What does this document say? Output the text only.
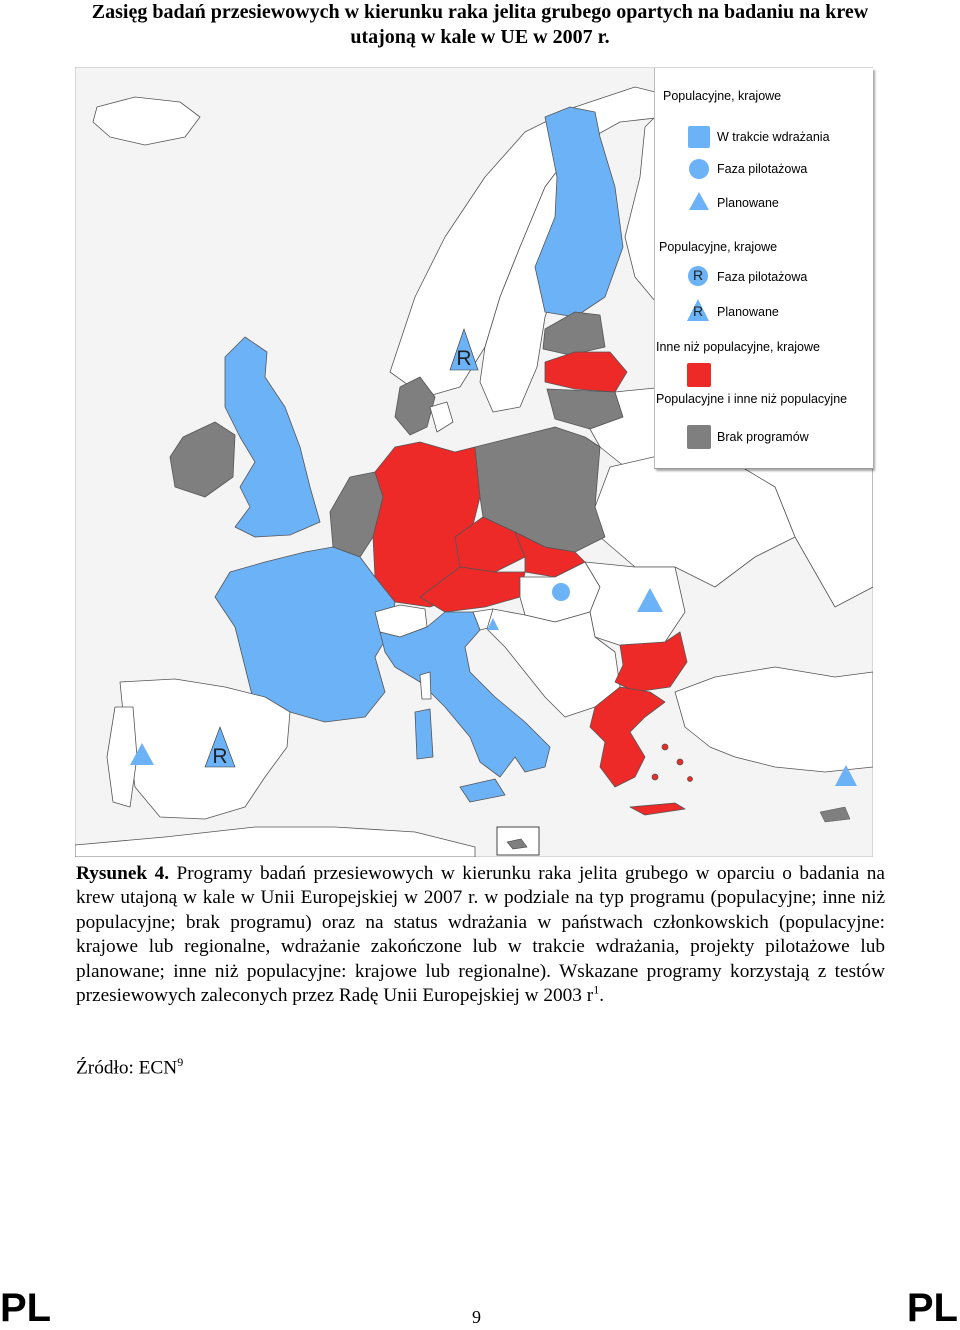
Zasięg badań przesiewowych w kierunku raka jelita grubego opartych na badaniu na krew utajoną w kale w UE w 2007 r.
R
R
Populacyjne, krajowe
W trakcie wdrażania
Faza pilotażowa
Planowane
Populacyjne, krajowe
R	Faza pilotażowa
R	Planowane
Inne niż populacyjne, krajowe
Populacyjne i inne niż populacyjne
Brak programów
Rysunek 4. Programy badań przesiewowych w kierunku raka jelita grubego w oparciu o badania na krew utajoną w kale w Unii Europejskiej w 2007 r. w podziale na typ programu (populacyjne; inne niż populacyjne; brak programu) oraz na status wdrażania w państwach członkowskich (populacyjne: krajowe lub regionalne, wdrażanie zakończone lub w trakcie wdrażania, projekty pilotażowe lub planowane; inne niż populacyjne: krajowe lub regionalne). Wskazane programy korzystają z testów przesiewowych zaleconych przez Radę Unii Europejskiej w 2003 $r^1$.
Źródło: ECN$^9$
PL	PL
9
